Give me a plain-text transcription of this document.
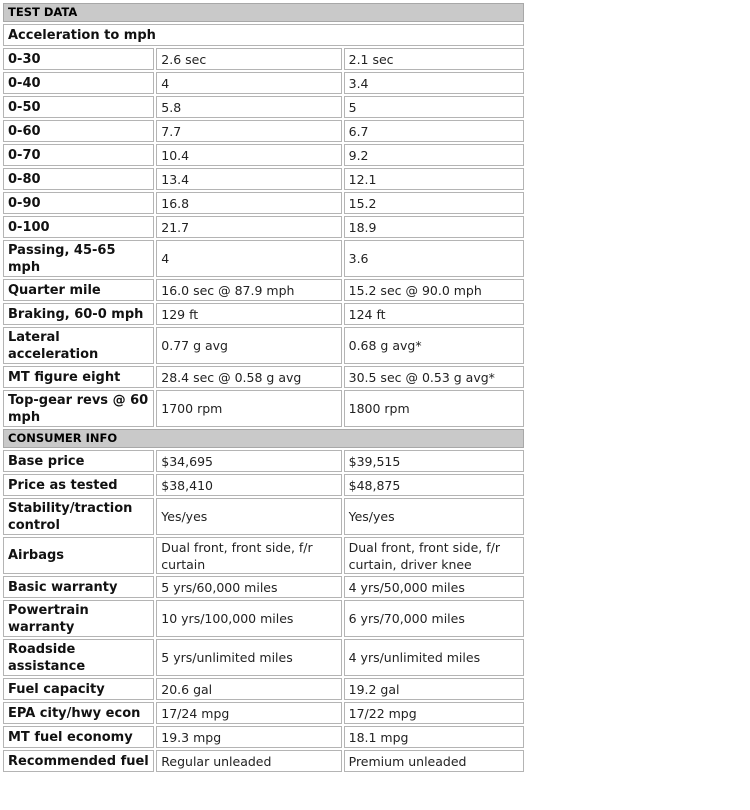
TEST DATA		
Acceleration to mph		
0-30	2.6 sec	2.1 sec
0-40	4	3.4
0-50	5.8	5
0-60	7.7	6.7
0-70	10.4	9.2
0-80	13.4	12.1
0-90	16.8	15.2
0-100	21.7	18.9
Passing, 45-65 mph	4	3.6
Quarter mile	16.0 sec @ 87.9 mph	15.2 sec @ 90.0 mph
Braking, 60-0 mph	129 ft	124 ft
Lateral acceleration	0.77 g avg	0.68 g avg*
MT figure eight	28.4 sec @ 0.58 g avg	30.5 sec @ 0.53 g avg*
Top-gear revs @ 60 mph	1700 rpm	1800 rpm
CONSUMER INFO		
Base price	$34,695	$39,515
Price as tested	$38,410	$48,875
Stability/traction control	Yes/yes	Yes/yes
Airbags	Dual front, front side, f/r curtain	Dual front, front side, f/r curtain, driver knee
Basic warranty	5 yrs/60,000 miles	4 yrs/50,000 miles
Powertrain warranty	10 yrs/100,000 miles	6 yrs/70,000 miles
Roadside assistance	5 yrs/unlimited miles	4 yrs/unlimited miles
Fuel capacity	20.6 gal	19.2 gal
EPA city/hwy econ	17/24 mpg	17/22 mpg
MT fuel economy	19.3 mpg	18.1 mpg
Recommended fuel	Regular unleaded	Premium unleaded
